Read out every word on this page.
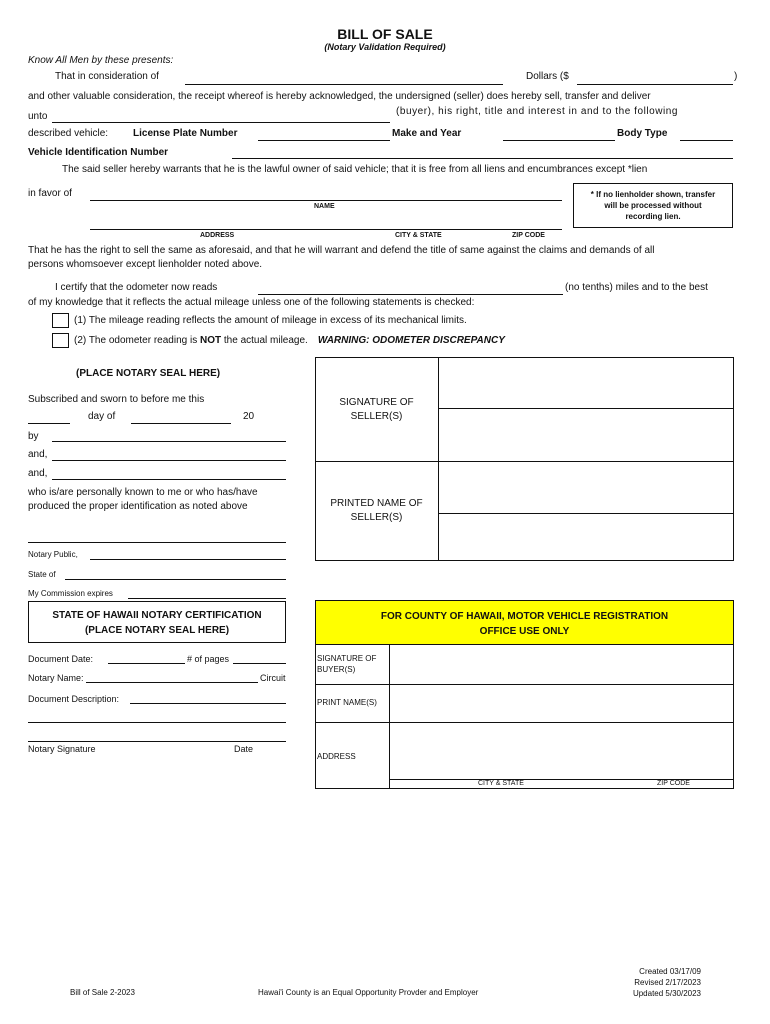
BILL OF SALE
(Notary Validation Required)
Know All Men by these presents:
That in consideration of	Dollars ($	)
and other valuable consideration, the receipt whereof is hereby acknowledged, the undersigned (seller) does hereby sell, transfer and deliver
unto	(buyer), his right, title and interest in and to the following
described vehicle: License Plate Number	Make and Year	Body Type
Vehicle Identification Number
The said seller hereby warrants that he is the lawful owner of said vehicle; that it is free from all liens and encumbrances except *lien
in favor of
NAME
ADDRESS	CITY & STATE	ZIP CODE
* If no lienholder shown, transfer
will be processed without
recording lien.
That he has the right to sell the same as aforesaid, and that he will warrant and defend the title of same against the claims and demands of all
persons whomsoever except lienholder noted above.
I certify that the odometer now reads	(no tenths) miles and to the best
of my knowledge that it reflects the actual mileage unless one of the following statements is checked:
(1) The mileage reading reflects the amount of mileage in excess of its mechanical limits.
(2) The odometer reading is NOT the actual mileage. WARNING: ODOMETER DISCREPANCY
(PLACE NOTARY SEAL HERE)
Subscribed and sworn to before me this
day of	20
by
and,
and,
who is/are personally known to me or who has/have
produced the proper identification as noted above
Notary Public,
State of
My Commission expires
SIGNATURE OF
SELLER(S)
PRINTED NAME OF
SELLER(S)
STATE OF HAWAII NOTARY CERTIFICATION
(PLACE NOTARY SEAL HERE)
Document Date:	# of pages
Notary Name:	Circuit
Document Description:
Notary Signature	Date
FOR COUNTY OF HAWAII, MOTOR VEHICLE REGISTRATION
OFFICE USE ONLY
SIGNATURE OF
BUYER(S)
PRINT NAME(S)
ADDRESS
CITY & STATE	ZIP CODE
Bill of Sale 2-2023	Hawai'i County is an Equal Opportunity Provder and Employer
Created 03/17/09
Revised 2/17/2023
Updated 5/30/2023
